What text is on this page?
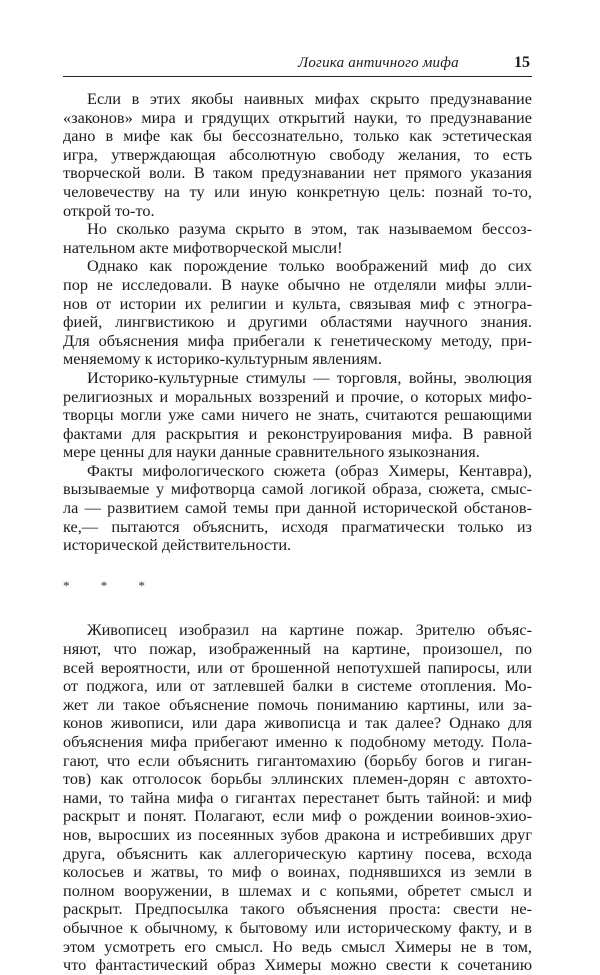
Логика античного мифа	15
Если в этих якобы наивных мифах скрыто предузнавание
«законов» мира и грядущих открытий науки, то предузнавание
дано в мифе как бы бессознательно, только как эстетическая
игра, утверждающая абсолютную свободу желания, то есть
творческой воли. В таком предузнавании нет прямого указания
человечеству на ту или иную конкретную цель: познай то-то,
открой то-то.
Но сколько разума скрыто в этом, так называемом бессоз-
нательном акте мифотворческой мысли!
Однако как порождение только воображений миф до сих
пор не исследовали. В науке обычно не отделяли мифы элли-
нов от истории их религии и культа, связывая миф с этногра-
фией, лингвистикою и другими областями научного знания.
Для объяснения мифа прибегали к генетическому методу, при-
меняемому к историко-культурным явлениям.
Историко-культурные стимулы — торговля, войны, эволюция
религиозных и моральных воззрений и прочие, о которых мифо-
творцы могли уже сами ничего не знать, считаются решающими
фактами для раскрытия и реконструирования мифа. В равной
мере ценны для науки данные сравнительного языкознания.
Факты мифологического сюжета (образ Химеры, Кентавра),
вызываемые у мифотворца самой логикой образа, сюжета, смыс-
ла — развитием самой темы при данной исторической обстанов-
ке,— пытаются объяснить, исходя прагматически только из
исторической действительности.
* * *
Живописец изобразил на картине пожар. Зрителю объяс-
няют, что пожар, изображенный на картине, произошел, по
всей вероятности, или от брошенной непотухшей папиросы, или
от поджога, или от затлевшей балки в системе отопления. Мо-
жет ли такое объяснение помочь пониманию картины, или за-
конов живописи, или дара живописца и так далее? Однако для
объяснения мифа прибегают именно к подобному методу. Пола-
гают, что если объяснить гигантомахию (борьбу богов и гиган-
тов) как отголосок борьбы эллинских племен-дорян с автохто-
нами, то тайна мифа о гигантах перестанет быть тайной: и миф
раскрыт и понят. Полагают, если миф о рождении воинов-эхио-
нов, выросших из посеянных зубов дракона и истребивших друг
друга, объяснить как аллегорическую картину посева, всхода
колосьев и жатвы, то миф о воинах, поднявшихся из земли в
полном вооружении, в шлемах и с копьями, обретет смысл и
раскрыт. Предпосылка такого объяснения проста: свести не-
обычное к обычному, к бытовому или историческому факту, и в
этом усмотреть его смысл. Но ведь смысл Химеры не в том,
что фантастический образ Химеры можно свести к сочетанию
